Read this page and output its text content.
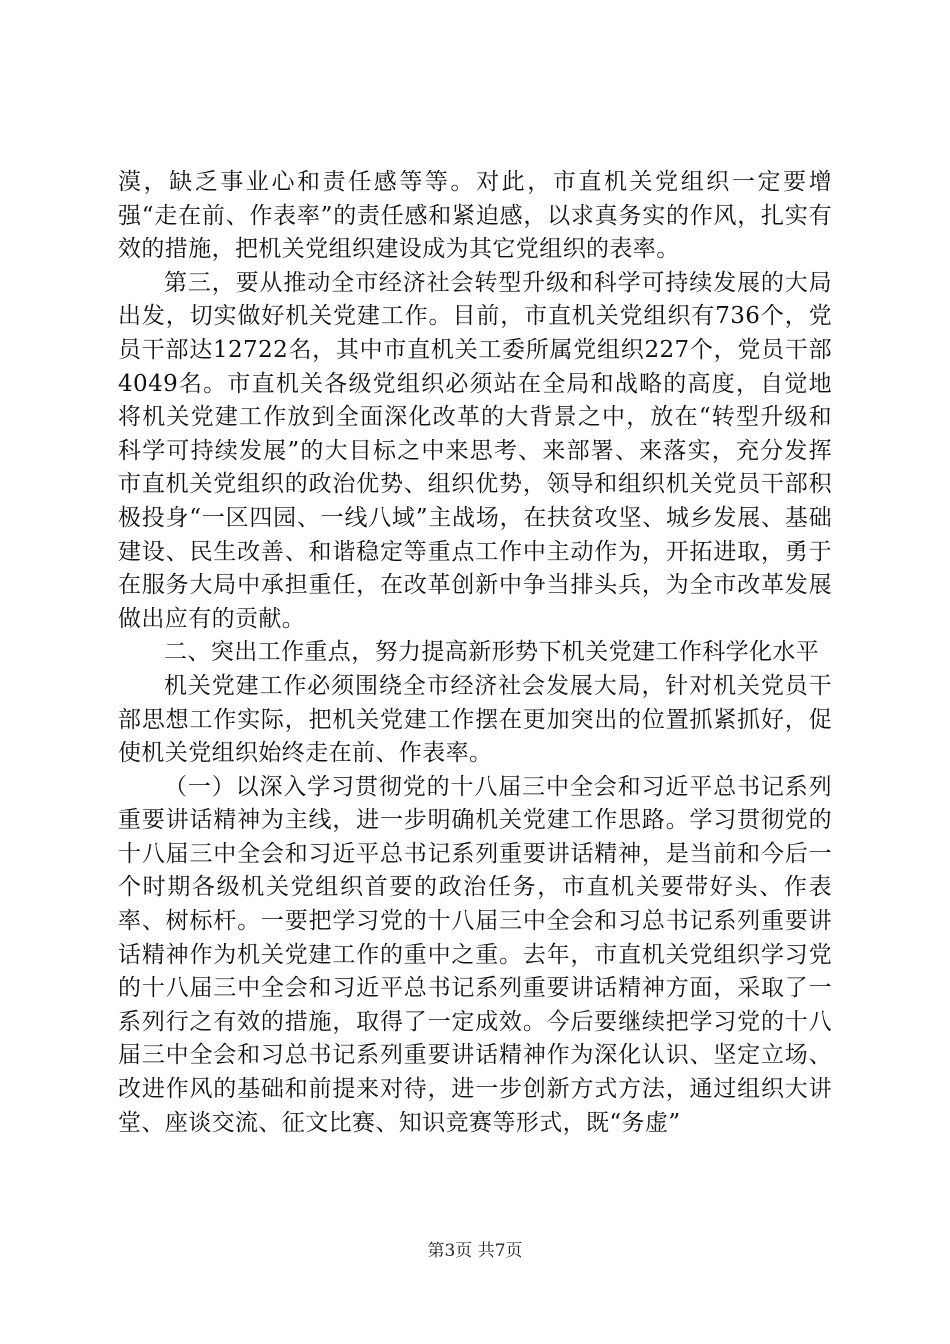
漠，缺乏事业心和责任感等等。对此，市直机关党组织一定要增强“走在前、作表率”的责任感和紧迫感，以求真务实的作风，扎实有效的措施，把机关党组织建设成为其它党组织的表率。

第三，要从推动全市经济社会转型升级和科学可持续发展的大局出发，切实做好机关党建工作。目前，市直机关党组织有736个，党员干部达12722名，其中市直机关工委所属党组织227个，党员干部4049名。市直机关各级党组织必须站在全局和战略的高度，自觉地将机关党建工作放到全面深化改革的大背景之中，放在“转型升级和科学可持续发展”的大目标之中来思考、来部署、来落实，充分发挥市直机关党组织的政治优势、组织优势，领导和组织机关党员干部积极投身“一区四园、一线八域”主战场，在扶贫攻坚、城乡发展、基础建设、民生改善、和谐稳定等重点工作中主动作为，开拓进取，勇于在服务大局中承担重任，在改革创新中争当排头兵，为全市改革发展做出应有的贡献。

二、突出工作重点，努力提高新形势下机关党建工作科学化水平

机关党建工作必须围绕全市经济社会发展大局，针对机关党员干部思想工作实际，把机关党建工作摆在更加突出的位置抓紧抓好，促使机关党组织始终走在前、作表率。

（一）以深入学习贯彻党的十八届三中全会和习近平总书记系列重要讲话精神为主线，进一步明确机关党建工作思路。学习贯彻党的十八届三中全会和习近平总书记系列重要讲话精神，是当前和今后一个时期各级机关党组织首要的政治任务，市直机关要带好头、作表率、树标杆。一要把学习党的十八届三中全会和习总书记系列重要讲话精神作为机关党建工作的重中之重。去年，市直机关党组织学习党的十八届三中全会和习近平总书记系列重要讲话精神方面，采取了一系列行之有效的措施，取得了一定成效。今后要继续把学习党的十八届三中全会和习总书记系列重要讲话精神作为深化认识、坚定立场、改进作风的基础和前提来对待，进一步创新方式方法，通过组织大讲堂、座谈交流、征文比赛、知识竞赛等形式，既“务虚”

第3页 共7页
